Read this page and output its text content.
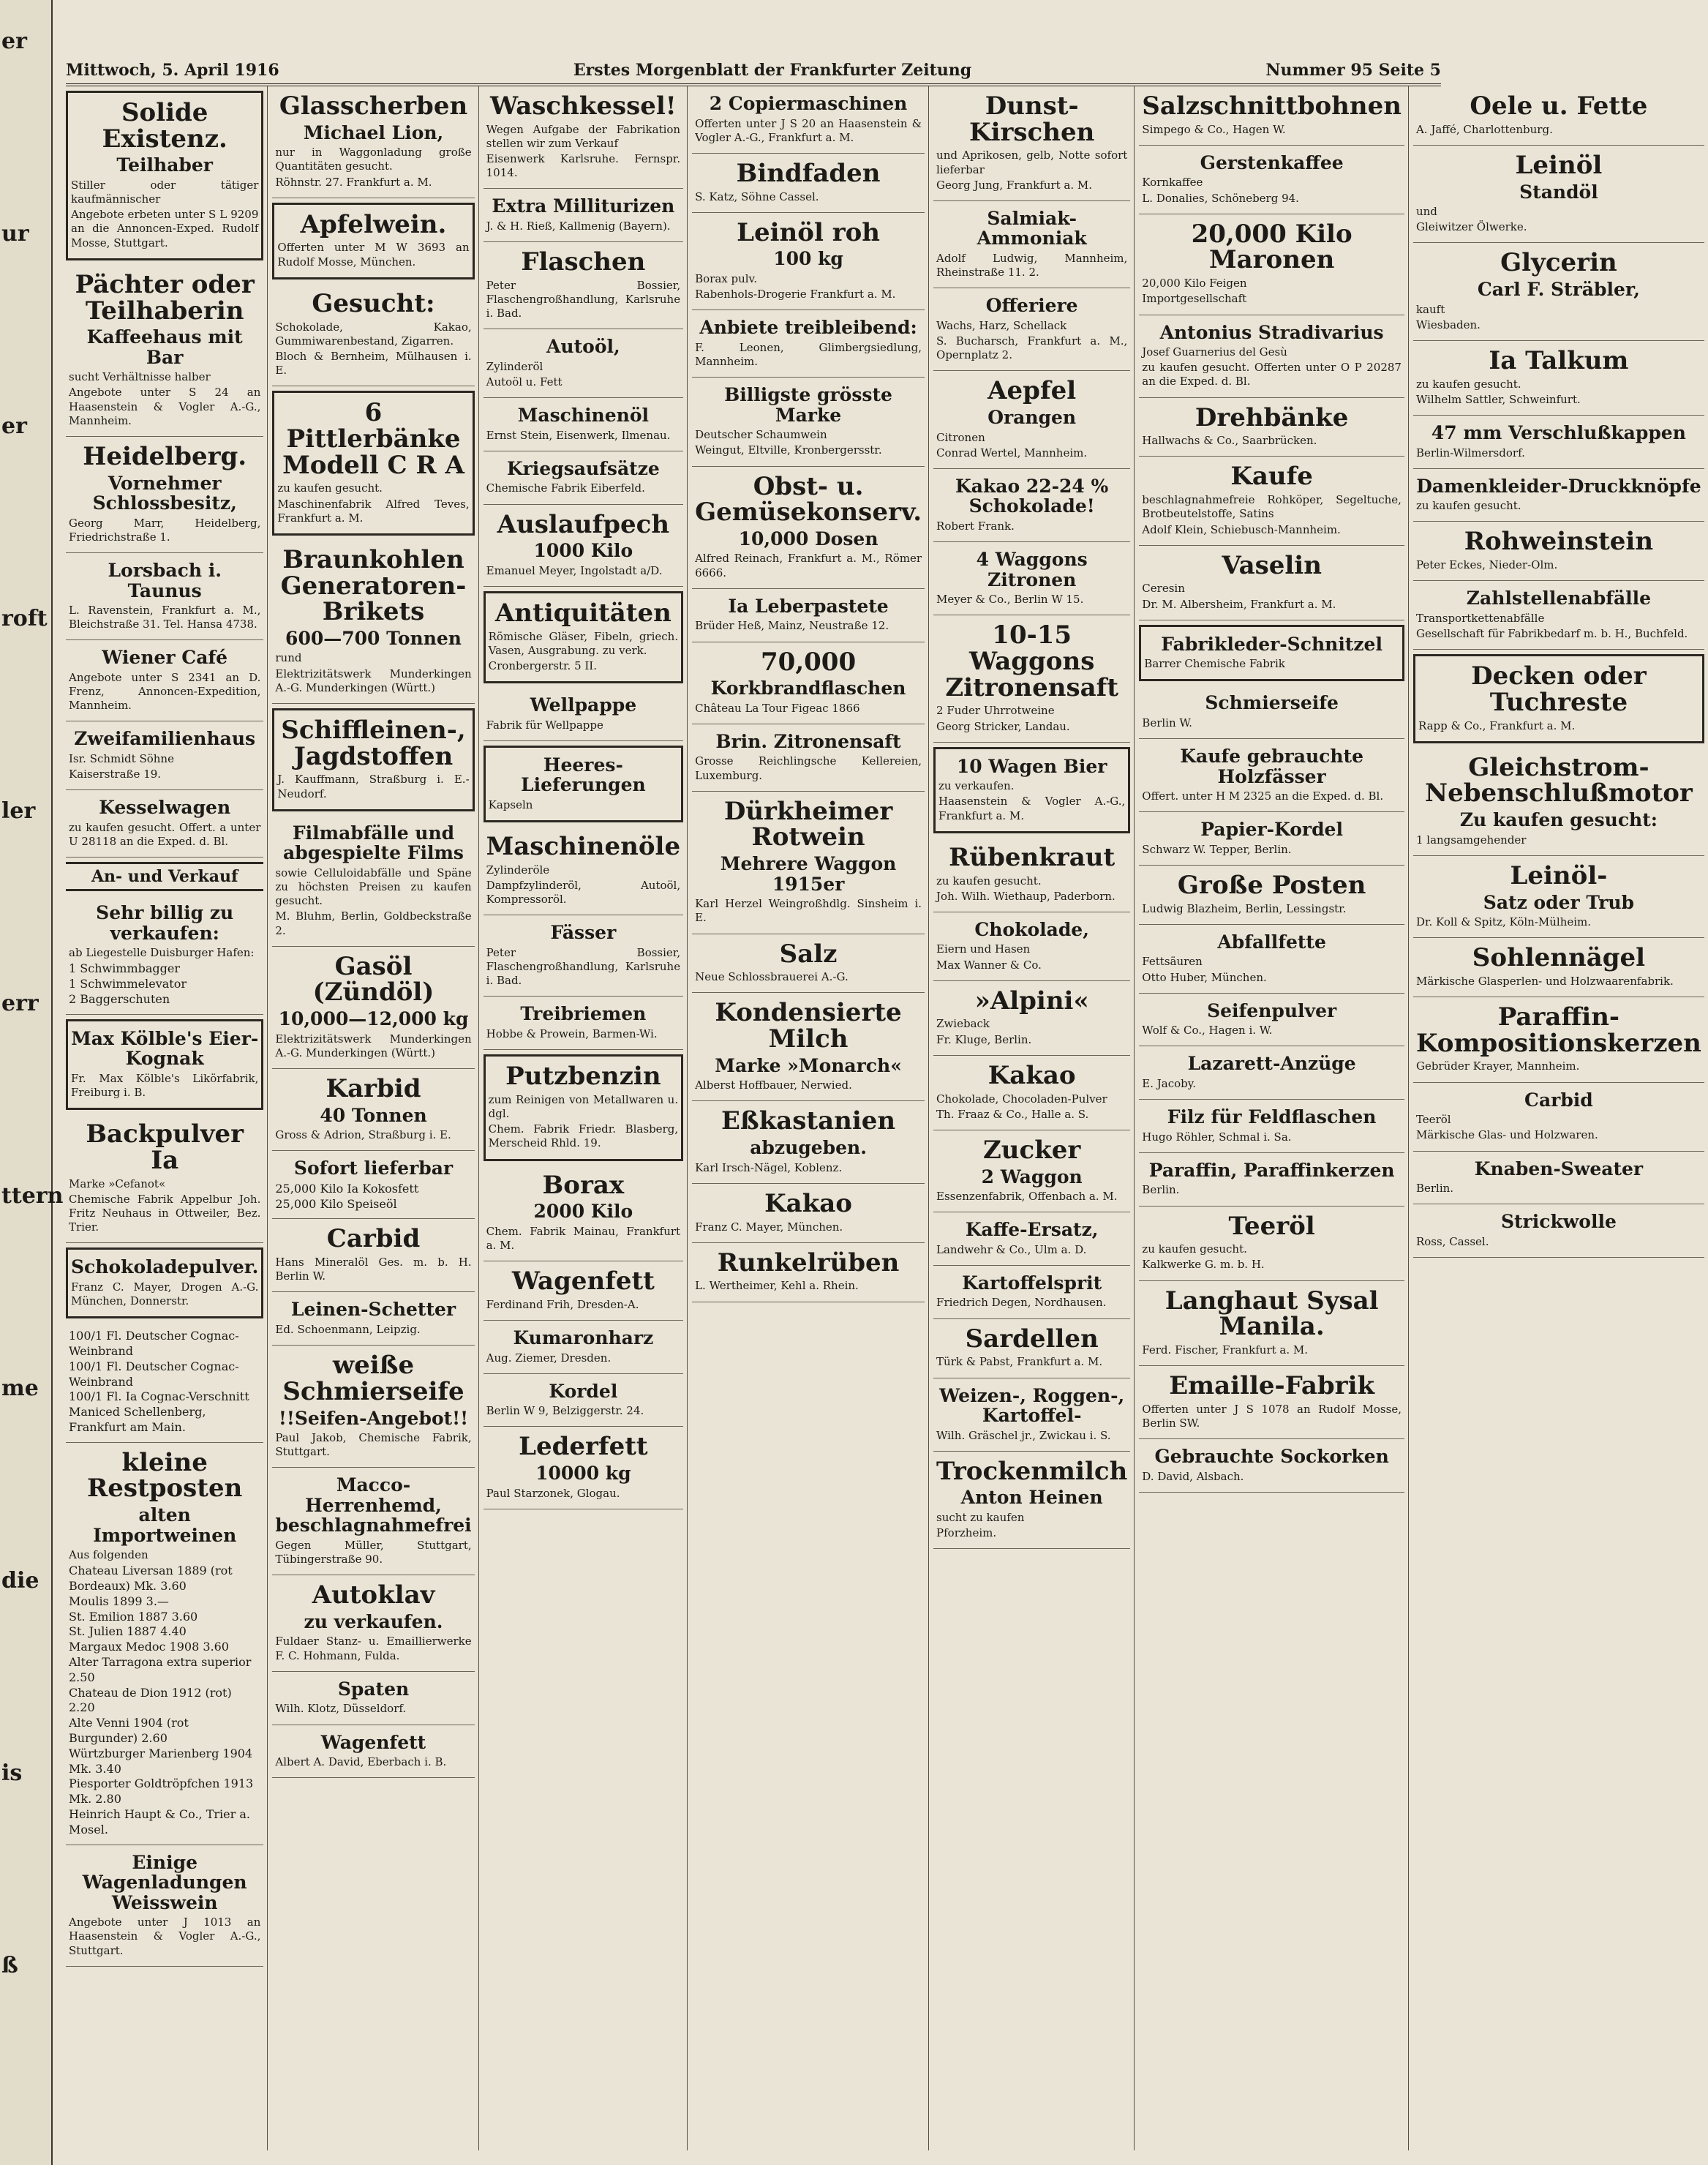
er
ur
er
roft
ler
err
ttern
me
die
is
ß
Mittwoch, 5. April 1916	Erstes Morgenblatt der Frankfurter Zeitung	Nummer 95 Seite 5
Solide Existenz.
Teilhaber
Stiller oder tätiger kaufmännischer
Angebote erbeten unter S L 9209 an die Annoncen-Exped. Rudolf Mosse, Stuttgart.
Pächter oder Teilhaberin
Kaffeehaus mit Bar
sucht Verhältnisse halber
Angebote unter S 24 an Haasenstein & Vogler A.-G., Mannheim.
Heidelberg.
Vornehmer Schlossbesitz,
Georg Marr, Heidelberg, Friedrichstraße 1.
Lorsbach i. Taunus
L. Ravenstein, Frankfurt a. M., Bleichstraße 31. Tel. Hansa 4738.
Wiener Café
Angebote unter S 2341 an D. Frenz, Annoncen-Expedition, Mannheim.
Zweifamilienhaus
Isr. Schmidt Söhne
Kaiserstraße 19.
Kesselwagen
zu kaufen gesucht. Offert. a unter U 28118 an die Exped. d. Bl.
An- und Verkauf
Sehr billig zu verkaufen:
ab Liegestelle Duisburger Hafen:
1 Schwimmbagger
1 Schwimmelevator
2 Baggerschuten
Max Kölble's Eier-Kognak
Fr. Max Kölble's Likörfabrik, Freiburg i. B.
Backpulver Ia
Marke »Cefanot«
Chemische Fabrik Appelbur Joh. Fritz Neuhaus in Ottweiler, Bez. Trier.
Schokoladepulver.
Franz C. Mayer, Drogen A.-G. München, Donnerstr.
100/1 Fl. Deutscher Cognac-Weinbrand
100/1 Fl. Deutscher Cognac-Weinbrand
100/1 Fl. Ia Cognac-Verschnitt
Maniced Schellenberg, Frankfurt am Main.
kleine Restposten
alten Importweinen
Aus folgenden
Chateau Liversan 1889 (rot Bordeaux) Mk. 3.60
Moulis 1899 3.—
St. Emilion 1887 3.60
St. Julien 1887 4.40
Margaux Medoc 1908 3.60
Alter Tarragona extra superior 2.50
Chateau de Dion 1912 (rot) 2.20
Alte Venni 1904 (rot Burgunder) 2.60
Würtzburger Marienberg 1904 Mk. 3.40
Piesporter Goldtröpfchen 1913 Mk. 2.80
Heinrich Haupt & Co., Trier a. Mosel.
Einige Wagenladungen Weisswein
Angebote unter J 1013 an Haasenstein & Vogler A.-G., Stuttgart.
Glasscherben
Michael Lion,
nur in Waggonladung große Quantitäten gesucht.
Röhnstr. 27. Frankfurt a. M.
Apfelwein.
Offerten unter M W 3693 an Rudolf Mosse, München.
Gesucht:
Schokolade, Kakao, Gummiwarenbestand, Zigarren.
Bloch & Bernheim, Mülhausen i. E.
6 Pittlerbänke Modell C R A
zu kaufen gesucht.
Maschinenfabrik Alfred Teves, Frankfurt a. M.
Braunkohlen Generatoren-Brikets
600—700 Tonnen
rund
Elektrizitätswerk Munderkingen A.-G. Munderkingen (Württ.)
Schiffleinen-, Jagdstoffen
J. Kauffmann, Straßburg i. E.-Neudorf.
Filmabfälle und abgespielte Films
sowie Celluloidabfälle und Späne zu höchsten Preisen zu kaufen gesucht.
M. Bluhm, Berlin, Goldbeckstraße 2.
Gasöl (Zündöl)
10,000—12,000 kg
Elektrizitätswerk Munderkingen A.-G. Munderkingen (Württ.)
Karbid
40 Tonnen
Gross & Adrion, Straßburg i. E.
Sofort lieferbar
25,000 Kilo Ia Kokosfett
25,000 Kilo Speiseöl
Carbid
Hans Mineralöl Ges. m. b. H. Berlin W.
Leinen-Schetter
Ed. Schoenmann, Leipzig.
weiße Schmierseife
!!Seifen-Angebot!!
Paul Jakob, Chemische Fabrik, Stuttgart.
Macco-Herrenhemd, beschlagnahmefrei
Gegen Müller, Stuttgart, Tübingerstraße 90.
Autoklav
zu verkaufen.
Fuldaer Stanz- u. Emaillierwerke F. C. Hohmann, Fulda.
Spaten
Wilh. Klotz, Düsseldorf.
Wagenfett
Albert A. David, Eberbach i. B.
Waschkessel!
Wegen Aufgabe der Fabrikation stellen wir zum Verkauf
Eisenwerk Karlsruhe. Fernspr. 1014.
Extra Milliturizen
J. & H. Rieß, Kallmenig (Bayern).
Flaschen
Peter Bossier, Flaschengroßhandlung, Karlsruhe i. Bad.
Autoöl,
Zylinderöl
Autoöl u. Fett
Maschinenöl
Ernst Stein, Eisenwerk, Ilmenau.
Kriegsaufsätze
Chemische Fabrik Eiberfeld.
Auslaufpech
1000 Kilo
Emanuel Meyer, Ingolstadt a/D.
Antiquitäten
Römische Gläser, Fibeln, griech. Vasen, Ausgrabung. zu verk.
Cronbergerstr. 5 II.
Wellpappe
Fabrik für Wellpappe
Heeres-Lieferungen
Kapseln
Maschinenöle
Zylinderöle
Dampfzylinderöl, Autoöl, Kompressoröl.
Fässer
Peter Bossier, Flaschengroßhandlung, Karlsruhe i. Bad.
Treibriemen
Hobbe & Prowein, Barmen-Wi.
Putzbenzin
zum Reinigen von Metallwaren u. dgl.
Chem. Fabrik Friedr. Blasberg, Merscheid Rhld. 19.
Borax
2000 Kilo
Chem. Fabrik Mainau, Frankfurt a. M.
Wagenfett
Ferdinand Frih, Dresden-A.
Kumaronharz
Aug. Ziemer, Dresden.
Kordel
Berlin W 9, Belziggerstr. 24.
Lederfett
10000 kg
Paul Starzonek, Glogau.
2 Copiermaschinen
Offerten unter J S 20 an Haasenstein & Vogler A.-G., Frankfurt a. M.
Bindfaden
S. Katz, Söhne Cassel.
Leinöl roh
100 kg
Borax pulv.
Rabenhols-Drogerie Frankfurt a. M.
Anbiete treibleibend:
F. Leonen, Glimbergsiedlung, Mannheim.
Billigste grösste Marke
Deutscher Schaumwein
Weingut, Eltville, Kronbergersstr.
Obst- u. Gemüsekonserv.
10,000 Dosen
Alfred Reinach, Frankfurt a. M., Römer 6666.
Ia Leberpastete
Brüder Heß, Mainz, Neustraße 12.
70,000
Korkbrandflaschen
Château La Tour Figeac 1866
Brin. Zitronensaft
Grosse Reichlingsche Kellereien, Luxemburg.
Dürkheimer Rotwein
Mehrere Waggon 1915er
Karl Herzel Weingroßhdlg. Sinsheim i. E.
Salz
Neue Schlossbrauerei A.-G.
Kondensierte Milch
Marke »Monarch«
Alberst Hoffbauer, Nerwied.
Eßkastanien
abzugeben.
Karl Irsch-Nägel, Koblenz.
Kakao
Franz C. Mayer, München.
Runkelrüben
L. Wertheimer, Kehl a. Rhein.
Dunst-Kirschen
und Aprikosen, gelb, Notte sofort lieferbar
Georg Jung, Frankfurt a. M.
Salmiak-Ammoniak
Adolf Ludwig, Mannheim, Rheinstraße 11. 2.
Offeriere
Wachs, Harz, Schellack
S. Bucharsch, Frankfurt a. M., Opernplatz 2.
Aepfel
Orangen
Citronen
Conrad Wertel, Mannheim.
Kakao 22-24 % Schokolade!
Robert Frank.
4 Waggons Zitronen
Meyer & Co., Berlin W 15.
10-15 Waggons Zitronensaft
2 Fuder Uhrrotweine
Georg Stricker, Landau.
10 Wagen Bier
zu verkaufen.
Haasenstein & Vogler A.-G., Frankfurt a. M.
Rübenkraut
zu kaufen gesucht.
Joh. Wilh. Wiethaup, Paderborn.
Chokolade,
Eiern und Hasen
Max Wanner & Co.
»Alpini«
Zwieback
Fr. Kluge, Berlin.
Kakao
Chokolade, Chocoladen-Pulver
Th. Fraaz & Co., Halle a. S.
Zucker
2 Waggon
Essenzenfabrik, Offenbach a. M.
Kaffe-Ersatz,
Landwehr & Co., Ulm a. D.
Kartoffelsprit
Friedrich Degen, Nordhausen.
Sardellen
Türk & Pabst, Frankfurt a. M.
Weizen-, Roggen-, Kartoffel-
Wilh. Gräschel jr., Zwickau i. S.
Trockenmilch
Anton Heinen
sucht zu kaufen
Pforzheim.
Salzschnittbohnen
Simpego & Co., Hagen W.
Gerstenkaffee
Kornkaffee
L. Donalies, Schöneberg 94.
20,000 Kilo Maronen
20,000 Kilo Feigen
Importgesellschaft
Antonius Stradivarius
Josef Guarnerius del Gesù
zu kaufen gesucht. Offerten unter O P 20287 an die Exped. d. Bl.
Drehbänke
Hallwachs & Co., Saarbrücken.
Kaufe
beschlagnahmefreie Rohköper, Segeltuche, Brotbeutelstoffe, Satins
Adolf Klein, Schiebusch-Mannheim.
Vaselin
Ceresin
Dr. M. Albersheim, Frankfurt a. M.
Fabrikleder-Schnitzel
Barrer Chemische Fabrik
Schmierseife
Berlin W.
Kaufe gebrauchte Holzfässer
Offert. unter H M 2325 an die Exped. d. Bl.
Papier-Kordel
Schwarz W. Tepper, Berlin.
Große Posten
Ludwig Blazheim, Berlin, Lessingstr.
Abfallfette
Fettsäuren
Otto Huber, München.
Seifenpulver
Wolf & Co., Hagen i. W.
Lazarett-Anzüge
E. Jacoby.
Filz für Feldflaschen
Hugo Röhler, Schmal i. Sa.
Paraffin, Paraffinkerzen
Berlin.
Teeröl
zu kaufen gesucht.
Kalkwerke G. m. b. H.
Langhaut Sysal Manila.
Ferd. Fischer, Frankfurt a. M.
Emaille-Fabrik
Offerten unter J S 1078 an Rudolf Mosse, Berlin SW.
Gebrauchte Sockorken
D. David, Alsbach.
Oele u. Fette
A. Jaffé, Charlottenburg.
Leinöl
Standöl
und
Gleiwitzer Ölwerke.
Glycerin
Carl F. Sträbler,
kauft
Wiesbaden.
Ia Talkum
zu kaufen gesucht.
Wilhelm Sattler, Schweinfurt.
47 mm Verschlußkappen
Berlin-Wilmersdorf.
Damenkleider-Druckknöpfe
zu kaufen gesucht.
Rohweinstein
Peter Eckes, Nieder-Olm.
Zahlstellenabfälle
Transportkettenabfälle
Gesellschaft für Fabrikbedarf m. b. H., Buchfeld.
Decken oder Tuchreste
Rapp & Co., Frankfurt a. M.
Gleichstrom-Nebenschlußmotor
Zu kaufen gesucht:
1 langsamgehender
Leinöl-
Satz oder Trub
Dr. Koll & Spitz, Köln-Mülheim.
Sohlennägel
Märkische Glasperlen- und Holzwaarenfabrik.
Paraffin-Kompositionskerzen
Gebrüder Krayer, Mannheim.
Carbid
Teeröl
Märkische Glas- und Holzwaren.
Knaben-Sweater
Berlin.
Strickwolle
Ross, Cassel.
